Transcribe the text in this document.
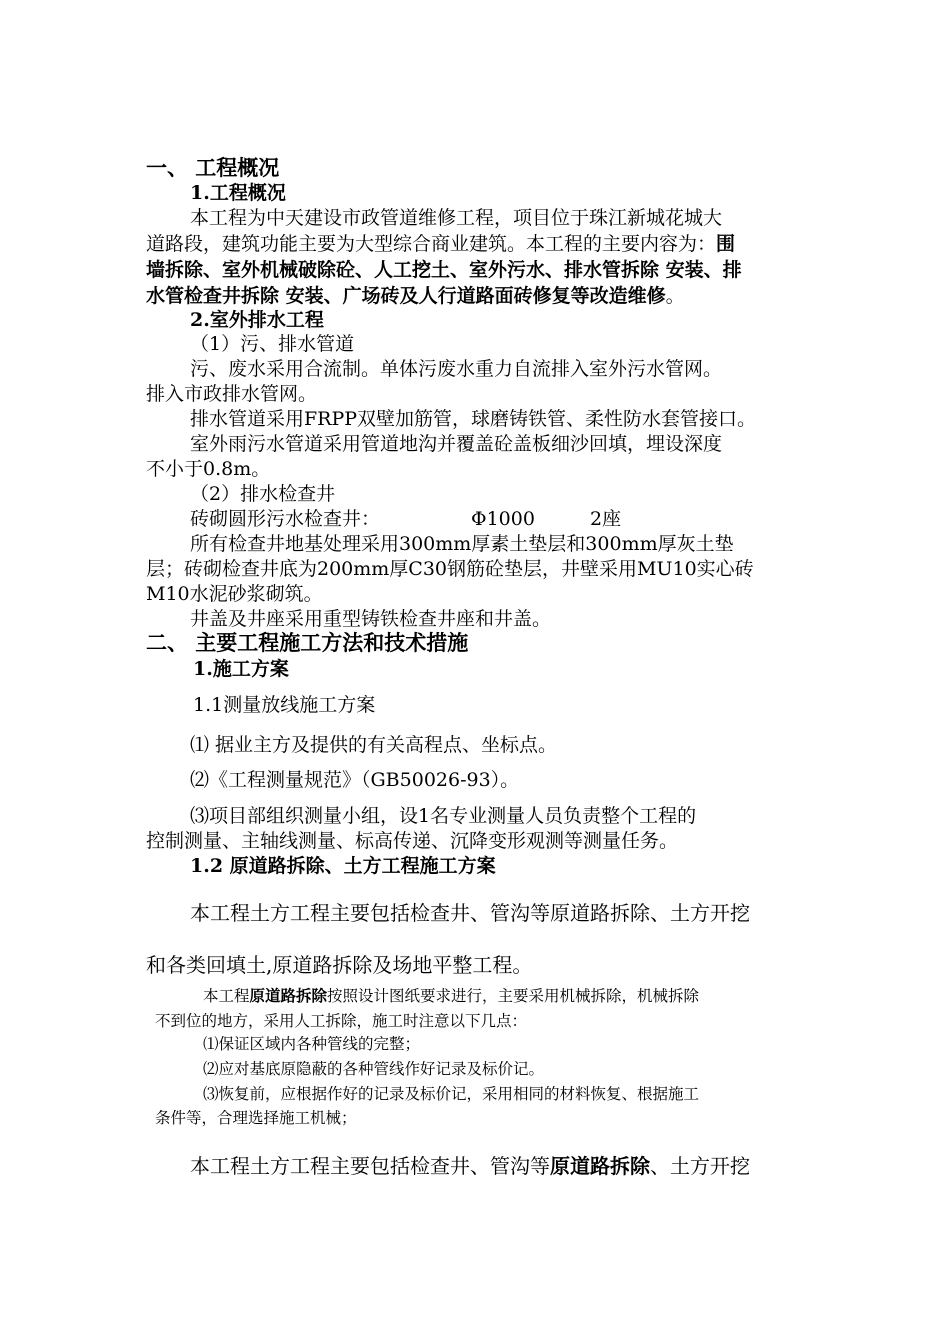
一、 工程概况
1.工程概况
本工程为中天建设市政管道维修工程，项目位于珠江新城花城大
道路段，建筑功能主要为大型综合商业建筑。本工程的主要内容为：围
墙拆除、室外机械破除砼、人工挖土、室外污水、排水管拆除 安装、排
水管检查井拆除 安装、广场砖及人行道路面砖修复等改造维修。
2.室外排水工程
（1）污、排水管道
污、废水采用合流制。单体污废水重力自流排入室外污水管网。
排入市政排水管网。
排水管道采用FRPP双壁加筋管，球磨铸铁管、柔性防水套管接口。
室外雨污水管道采用管道地沟并覆盖砼盖板细沙回填，埋设深度
不小于0.8m。
（2）排水检查井
砖砌圆形污水检查井：	Φ1000	2座
所有检查井地基处理采用300mm厚素土垫层和300mm厚灰土垫
层；砖砌检查井底为200mm厚C30钢筋砼垫层，井壁采用MU10实心砖
M10水泥砂浆砌筑。
井盖及井座采用重型铸铁检查井座和井盖。
二、 主要工程施工方法和技术措施
1.施工方案
1.1测量放线施工方案
⑴ 据业主方及提供的有关高程点、坐标点。
⑵《工程测量规范》（GB50026-93）。
⑶项目部组织测量小组，设1名专业测量人员负责整个工程的
控制测量、主轴线测量、标高传递、沉降变形观测等测量任务。
1.2 原道路拆除、土方工程施工方案
本工程土方工程主要包括检查井、管沟等原道路拆除、土方开挖
和各类回填土,原道路拆除及场地平整工程。
本工程原道路拆除按照设计图纸要求进行，主要采用机械拆除，机械拆除
不到位的地方，采用人工拆除，施工时注意以下几点：
⑴保证区域内各种管线的完整；
⑵应对基底原隐蔽的各种管线作好记录及标价记。
⑶恢复前，应根据作好的记录及标价记，采用相同的材料恢复、根据施工
条件等，合理选择施工机械；
本工程土方工程主要包括检查井、管沟等原道路拆除、土方开挖
